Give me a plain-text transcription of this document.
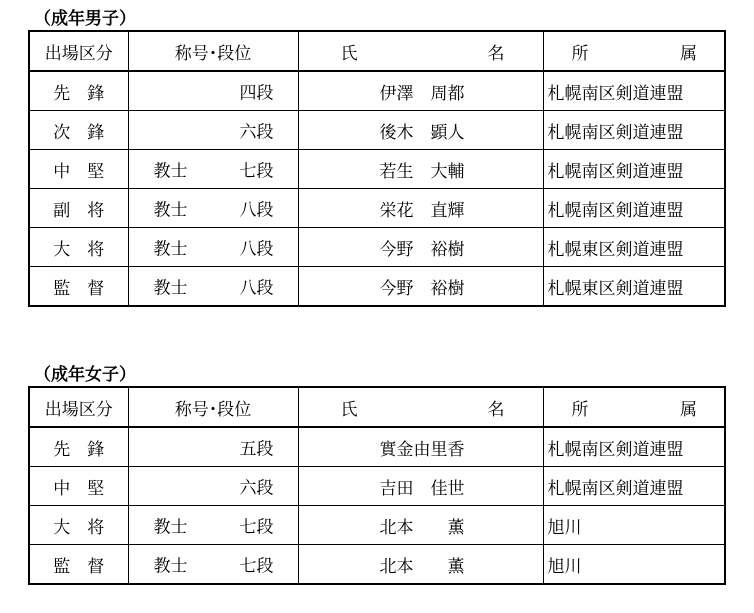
（成年男子）
出場区分	称号･段位	氏 名	所 属

先　鋒	四段	伊澤　周都	札幌南区剣道連盟
次　鋒	六段	後木　顕人	札幌南区剣道連盟
中　堅	教士 七段	若生　大輔	札幌南区剣道連盟
副　将	教士 八段	栄花　直輝	札幌南区剣道連盟
大　将	教士 八段	今野　裕樹	札幌東区剣道連盟
監　督	教士 八段	今野　裕樹	札幌東区剣道連盟
（成年女子）
出場区分	称号･段位	氏 名	所 属

先　鋒	五段	實金由里香	札幌南区剣道連盟
中　堅	六段	吉田　佳世	札幌南区剣道連盟
大　将	教士 七段	北本　　薫	旭川
監　督	教士 七段	北本　　薫	旭川
